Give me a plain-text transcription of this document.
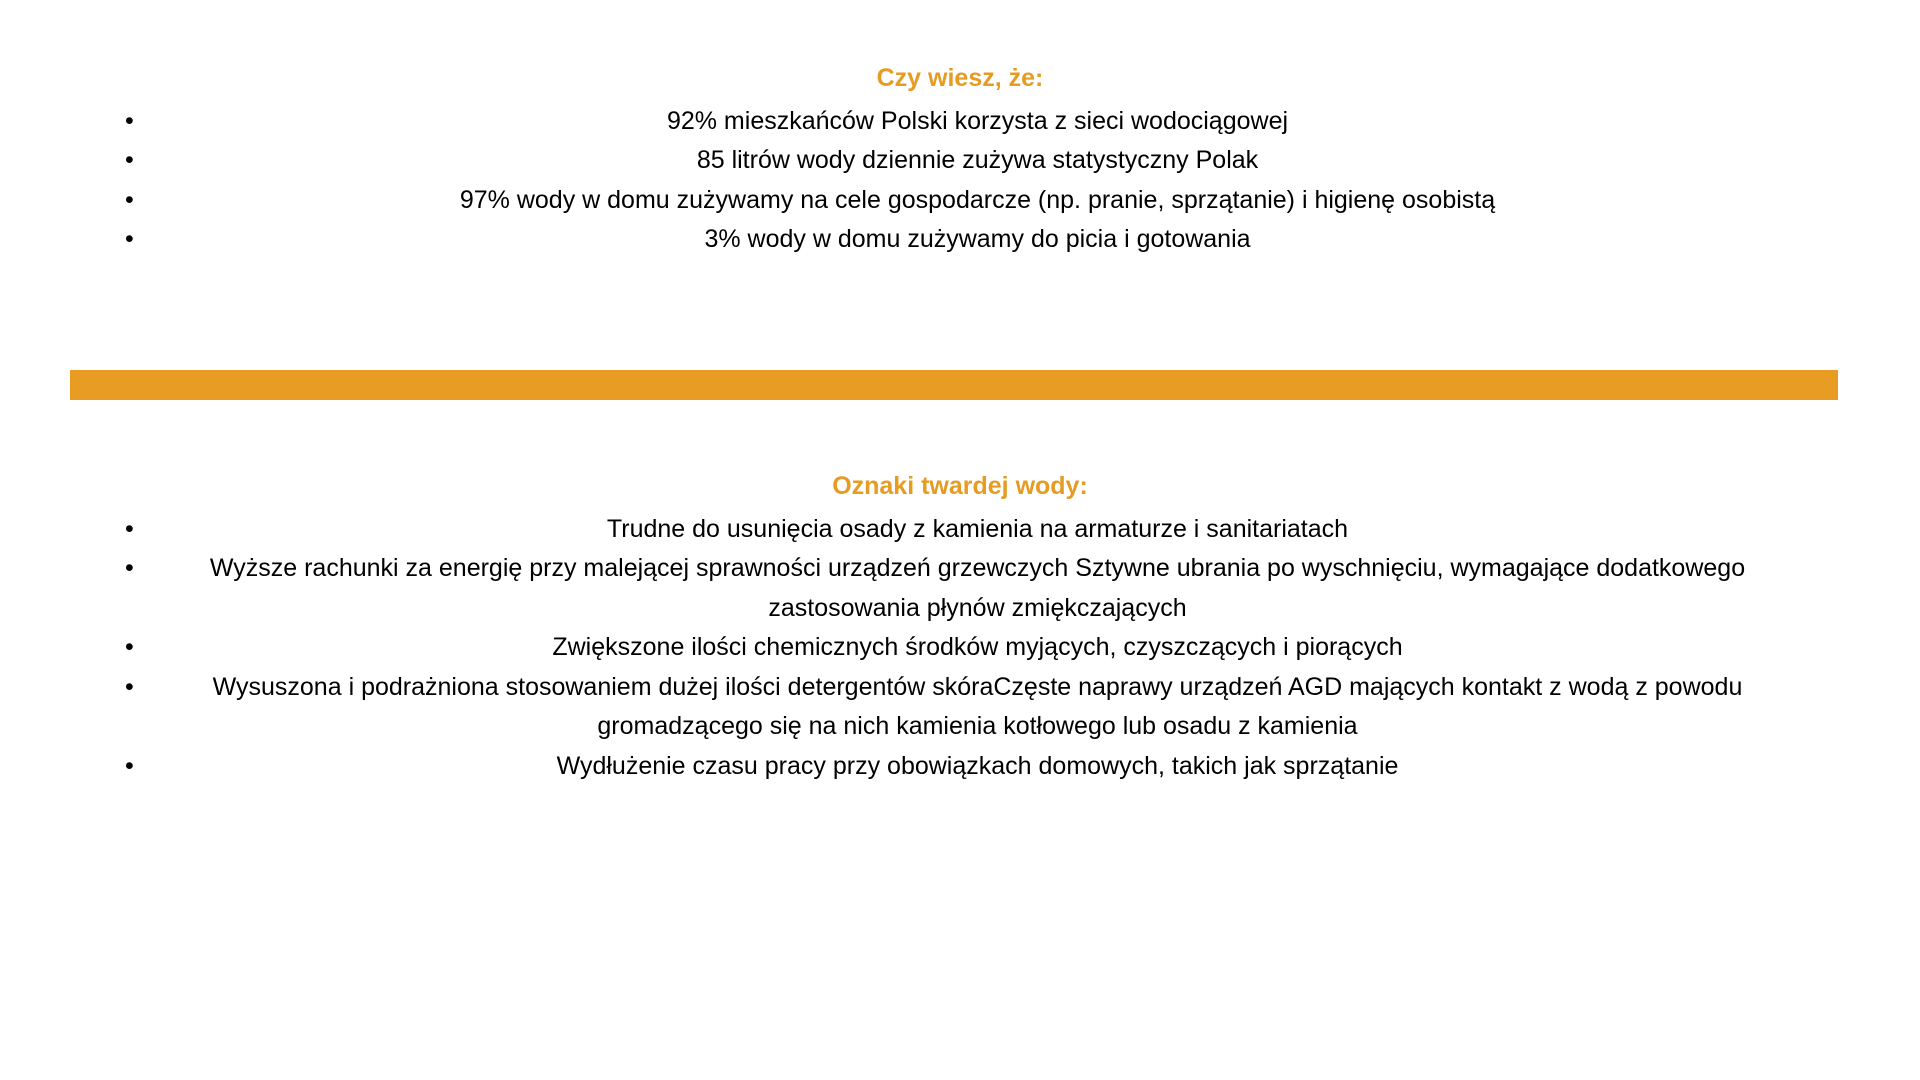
Czy wiesz, że:
• 92% mieszkańców Polski korzysta z sieci wodociągowej
• 85 litrów wody dziennie zużywa statystyczny Polak
• 97% wody w domu zużywamy na cele gospodarcze (np. pranie, sprzątanie) i higienę osobistą
• 3% wody w domu zużywamy do picia i gotowania
Oznaki twardej wody:
• Trudne do usunięcia osady z kamienia na armaturze i sanitariatach
• Wyższe rachunki za energię przy malejącej sprawności urządzeń grzewczych Sztywne ubrania po wyschnięciu, wymagające dodatkowego zastosowania płynów zmiękczających
• Zwiększone ilości chemicznych środków myjących, czyszczących i piorących
• Wysuszona i podrażniona stosowaniem dużej ilości detergentów skóraCzęste naprawy urządzeń AGD mających kontakt z wodą z powodu gromadzącego się na nich kamienia kotłowego lub osadu z kamienia
• Wydłużenie czasu pracy przy obowiązkach domowych, takich jak sprzątanie
